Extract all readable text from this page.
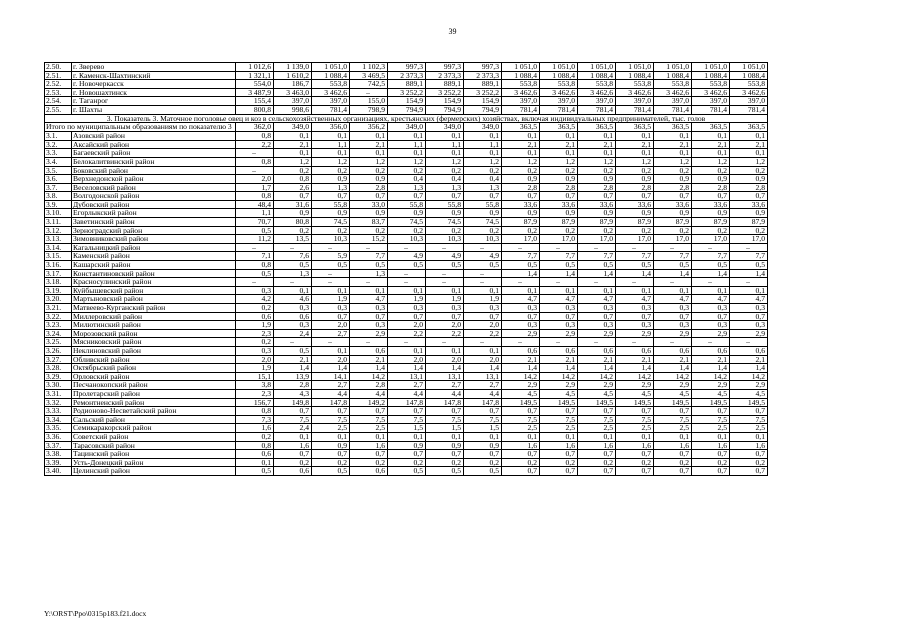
39
2.50.	г. Зверево	1 012,6	1 139,0	1 051,0	1 102,3	997,3	997,3	997,3	1 051,0	1 051,0	1 051,0	1 051,0	1 051,0	1 051,0	1 051,0
2.51.	г. Каменск-Шахтинский	1 321,1	1 610,2	1 088,4	3 469,5	2 373,3	2 373,3	2 373,3	1 088,4	1 088,4	1 088,4	1 088,4	1 088,4	1 088,4	1 088,4
2.52.	г. Новочеркасск	554,0	186,7	553,8	742,5	889,1	889,1	889,1	553,8	553,8	553,8	553,8	553,8	553,8	553,8
2.53.	г. Новошахтинск	3 487,9	3 463,0	3 462,6	–	3 252,2	3 252,2	3 252,2	3 462,6	3 462,6	3 462,6	3 462,6	3 462,6	3 462,6	3 462,6
2.54.	г. Таганрог	155,4	397,0	397,0	155,0	154,9	154,9	154,9	397,0	397,0	397,0	397,0	397,0	397,0	397,0
2.55.	г. Шахты	800,8	998,6	781,4	798,9	794,9	794,9	794,9	781,4	781,4	781,4	781,4	781,4	781,4	781,4
3. Показатель 3. Маточное поголовье овец и коз в сельскохозяйственных организациях, крестьянских (фермерских) хозяйствах, включая индивидуальных предпринимателей, тыс. голов															
Итого по муниципальным образованиям по показателю 3		362,0	349,0	356,0	356,2	349,0	349,0	349,0	363,5	363,5	363,5	363,5	363,5	363,5	363,5
3.1.	Азовский район	0,8	0,1	0,1	0,1	0,1	0,1	0,1	0,1	0,1	0,1	0,1	0,1	0,1	0,1
3.2.	Аксайский район	2,2	2,1	1,1	2,1	1,1	1,1	1,1	2,1	2,1	2,1	2,1	2,1	2,1	2,1
3.3.	Багаевский район	–	0,1	0,1	0,1	0,1	0,1	0,1	0,1	0,1	0,1	0,1	0,1	0,1	0,1
3.4.	Белокалитвинский район	0,8	1,2	1,2	1,2	1,2	1,2	1,2	1,2	1,2	1,2	1,2	1,2	1,2	1,2
3.5.	Боковский район	–	0,2	0,2	0,2	0,2	0,2	0,2	0,2	0,2	0,2	0,2	0,2	0,2	0,2
3.6.	Верхнедонской район	2,0	0,8	0,9	0,9	0,4	0,4	0,4	0,9	0,9	0,9	0,9	0,9	0,9	0,9
3.7.	Веселовский район	1,7	2,6	1,3	2,8	1,3	1,3	1,3	2,8	2,8	2,8	2,8	2,8	2,8	2,8
3.8.	Волгодонской район	0,8	0,7	0,7	0,7	0,7	0,7	0,7	0,7	0,7	0,7	0,7	0,7	0,7	0,7
3.9.	Дубовский район	48,4	31,6	55,8	33,0	55,8	55,8	55,8	33,6	33,6	33,6	33,6	33,6	33,6	33,6
3.10.	Егорлыкский район	1,1	0,9	0,9	0,9	0,9	0,9	0,9	0,9	0,9	0,9	0,9	0,9	0,9	0,9
3.11.	Заветинский район	70,7	80,8	74,5	83,7	74,5	74,5	74,5	87,9	87,9	87,9	87,9	87,9	87,9	87,9
3.12.	Зерноградский район	0,5	0,2	0,2	0,2	0,2	0,2	0,2	0,2	0,2	0,2	0,2	0,2	0,2	0,2
3.13.	Зимовниковский район	11,2	13,5	10,3	15,2	10,3	10,3	10,3	17,0	17,0	17,0	17,0	17,0	17,0	17,0
3.14.	Кагальницкий район	–	–	–	–	–	–	–	–	–	–	–	–	–	–
3.15.	Каменский район	7,1	7,6	5,9	7,7	4,9	4,9	4,9	7,7	7,7	7,7	7,7	7,7	7,7	7,7
3.16.	Кашарский район	0,8	0,5	0,5	0,5	0,5	0,5	0,5	0,5	0,5	0,5	0,5	0,5	0,5	0,5
3.17.	Константиновский район	0,5	1,3	–	1,3	–	–	–	1,4	1,4	1,4	1,4	1,4	1,4	1,4
3.18.	Красносулинский район	–	–	–	–	–	–	–	–	–	–	–	–	–	–
3.19.	Куйбышевский район	0,3	0,1	0,1	0,1	0,1	0,1	0,1	0,1	0,1	0,1	0,1	0,1	0,1	0,1
3.20.	Мартыновский район	4,2	4,6	1,9	4,7	1,9	1,9	1,9	4,7	4,7	4,7	4,7	4,7	4,7	4,7
3.21.	Матвеево-Курганский район	0,2	0,3	0,3	0,3	0,3	0,3	0,3	0,3	0,3	0,3	0,3	0,3	0,3	0,3
3.22.	Миллеровский район	0,6	0,6	0,7	0,7	0,7	0,7	0,7	0,7	0,7	0,7	0,7	0,7	0,7	0,7
3.23.	Милютинский район	1,9	0,3	2,0	0,3	2,0	2,0	2,0	0,3	0,3	0,3	0,3	0,3	0,3	0,3
3.24.	Морозовский район	2,3	2,4	2,7	2,9	2,2	2,2	2,2	2,9	2,9	2,9	2,9	2,9	2,9	2,9
3.25.	Мясниковский район	0,2	–	–	–	–	–	–	–	–	–	–	–	–	–
3.26.	Неклиновский район	0,3	0,5	0,1	0,6	0,1	0,1	0,1	0,6	0,6	0,6	0,6	0,6	0,6	0,6
3.27.	Обливский район	2,0	2,1	2,0	2,1	2,0	2,0	2,0	2,1	2,1	2,1	2,1	2,1	2,1	2,1
3.28.	Октябрьский район	1,9	1,4	1,4	1,4	1,4	1,4	1,4	1,4	1,4	1,4	1,4	1,4	1,4	1,4
3.29.	Орловский район	15,1	13,9	14,1	14,2	13,1	13,1	13,1	14,2	14,2	14,2	14,2	14,2	14,2	14,2
3.30.	Песчанокопский район	3,8	2,8	2,7	2,8	2,7	2,7	2,7	2,9	2,9	2,9	2,9	2,9	2,9	2,9
3.31.	Пролетарский район	2,3	4,3	4,4	4,4	4,4	4,4	4,4	4,5	4,5	4,5	4,5	4,5	4,5	4,5
3.32.	Ремонтненский район	156,7	149,8	147,8	149,2	147,8	147,8	147,8	149,5	149,5	149,5	149,5	149,5	149,5	149,5
3.33.	Родионово-Несветайский район	0,8	0,7	0,7	0,7	0,7	0,7	0,7	0,7	0,7	0,7	0,7	0,7	0,7	0,7
3.34.	Сальский район	7,3	7,5	7,5	7,5	7,5	7,5	7,5	7,5	7,5	7,5	7,5	7,5	7,5	7,5
3.35.	Семикаракорский район	1,6	2,4	2,5	2,5	1,5	1,5	1,5	2,5	2,5	2,5	2,5	2,5	2,5	2,5
3.36.	Советский район	0,2	0,1	0,1	0,1	0,1	0,1	0,1	0,1	0,1	0,1	0,1	0,1	0,1	0,1
3.37.	Тарасовский район	0,8	1,6	0,9	1,6	0,9	0,9	0,9	1,6	1,6	1,6	1,6	1,6	1,6	1,6
3.38.	Тацинский район	0,6	0,7	0,7	0,7	0,7	0,7	0,7	0,7	0,7	0,7	0,7	0,7	0,7	0,7
3.39.	Усть-Донецкий район	0,1	0,2	0,2	0,2	0,2	0,2	0,2	0,2	0,2	0,2	0,2	0,2	0,2	0,2
3.40.	Целинский район	0,5	0,6	0,5	0,6	0,5	0,5	0,5	0,7	0,7	0,7	0,7	0,7	0,7	0,7
Y:\ORST\Ppo\0315p183.f21.docx
